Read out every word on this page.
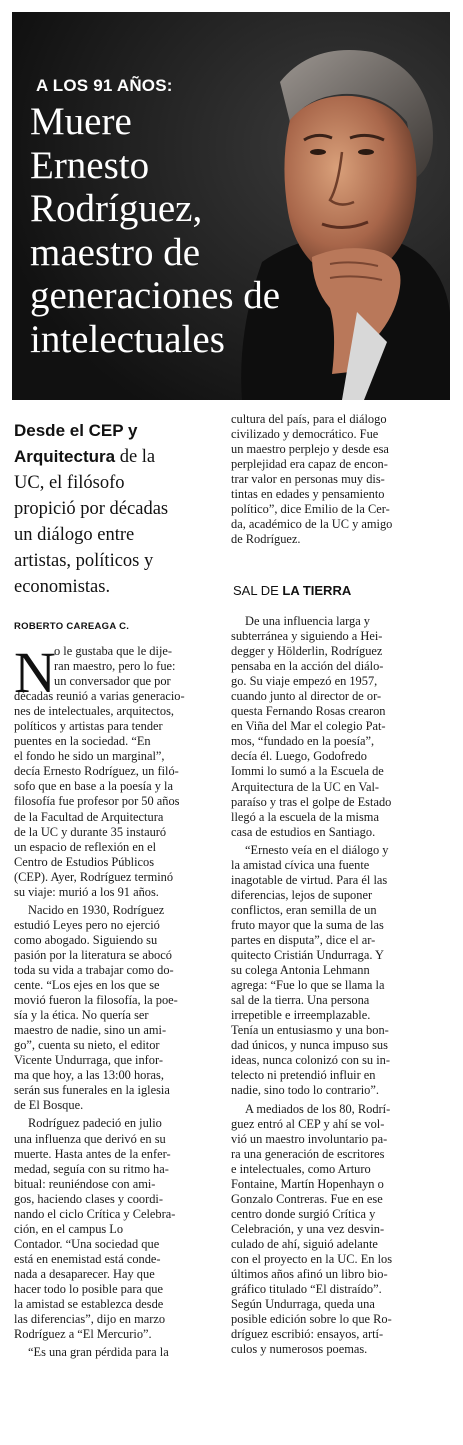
A LOS 91 AÑOS:
Muere
Ernesto
Rodríguez,
maestro de
generaciones de
intelectuales
Desde el CEP y
Arquitectura de la
UC, el filósofo
propició por décadas
un diálogo entre
artistas, políticos y
economistas.
ROBERTO CAREAGA C.
N
o le gustaba que le dije-
ran maestro, pero lo fue:
un conversador que por
décadas reunió a varias generacio-
nes de intelectuales, arquitectos,
políticos y artistas para tender
puentes en la sociedad. “En
el fondo he sido un marginal”,
decía Ernesto Rodríguez, un filó-
sofo que en base a la poesía y la
filosofía fue profesor por 50 años
de la Facultad de Arquitectura
de la UC y durante 35 instauró
un espacio de reflexión en el
Centro de Estudios Públicos
(CEP). Ayer, Rodríguez terminó
su viaje: murió a los 91 años.
Nacido en 1930, Rodríguez
estudió Leyes pero no ejerció
como abogado. Siguiendo su
pasión por la literatura se abocó
toda su vida a trabajar como do-
cente. “Los ejes en los que se
movió fueron la filosofía, la poe-
sía y la ética. No quería ser
maestro de nadie, sino un ami-
go”, cuenta su nieto, el editor
Vicente Undurraga, que infor-
ma que hoy, a las 13:00 horas,
serán sus funerales en la iglesia
de El Bosque.
Rodríguez padeció en julio
una influenza que derivó en su
muerte. Hasta antes de la enfer-
medad, seguía con su ritmo ha-
bitual: reuniéndose con ami-
gos, haciendo clases y coordi-
nando el ciclo Crítica y Celebra-
ción, en el campus Lo
Contador. “Una sociedad que
está en enemistad está conde-
nada a desaparecer. Hay que
hacer todo lo posible para que
la amistad se establezca desde
las diferencias”, dijo en marzo
Rodríguez a “El Mercurio”.
“Es una gran pérdida para la
cultura del país, para el diálogo
civilizado y democrático. Fue
un maestro perplejo y desde esa
perplejidad era capaz de encon-
trar valor en personas muy dis-
tintas en edades y pensamiento
político”, dice Emilio de la Cer-
da, académico de la UC y amigo
de Rodríguez.
SAL DE LA TIERRA
De una influencia larga y
subterránea y siguiendo a Hei-
degger y Hölderlin, Rodríguez
pensaba en la acción del diálo-
go. Su viaje empezó en 1957,
cuando junto al director de or-
questa Fernando Rosas crearon
en Viña del Mar el colegio Pat-
mos, “fundado en la poesía”,
decía él. Luego, Godofredo
Iommi lo sumó a la Escuela de
Arquitectura de la UC en Val-
paraíso y tras el golpe de Estado
llegó a la escuela de la misma
casa de estudios en Santiago.
“Ernesto veía en el diálogo y
la amistad cívica una fuente
inagotable de virtud. Para él las
diferencias, lejos de suponer
conflictos, eran semilla de un
fruto mayor que la suma de las
partes en disputa”, dice el ar-
quitecto Cristián Undurraga. Y
su colega Antonia Lehmann
agrega: “Fue lo que se llama la
sal de la tierra. Una persona
irrepetible e irreemplazable.
Tenía un entusiasmo y una bon-
dad únicos, y nunca impuso sus
ideas, nunca colonizó con su in-
telecto ni pretendió influir en
nadie, sino todo lo contrario”.
A mediados de los 80, Rodrí-
guez entró al CEP y ahí se vol-
vió un maestro involuntario pa-
ra una generación de escritores
e intelectuales, como Arturo
Fontaine, Martín Hopenhayn o
Gonzalo Contreras. Fue en ese
centro donde surgió Crítica y
Celebración, y una vez desvin-
culado de ahí, siguió adelante
con el proyecto en la UC. En los
últimos años afinó un libro bio-
gráfico titulado “El distraído”.
Según Undurraga, queda una
posible edición sobre lo que Ro-
dríguez escribió: ensayos, artí-
culos y numerosos poemas.
